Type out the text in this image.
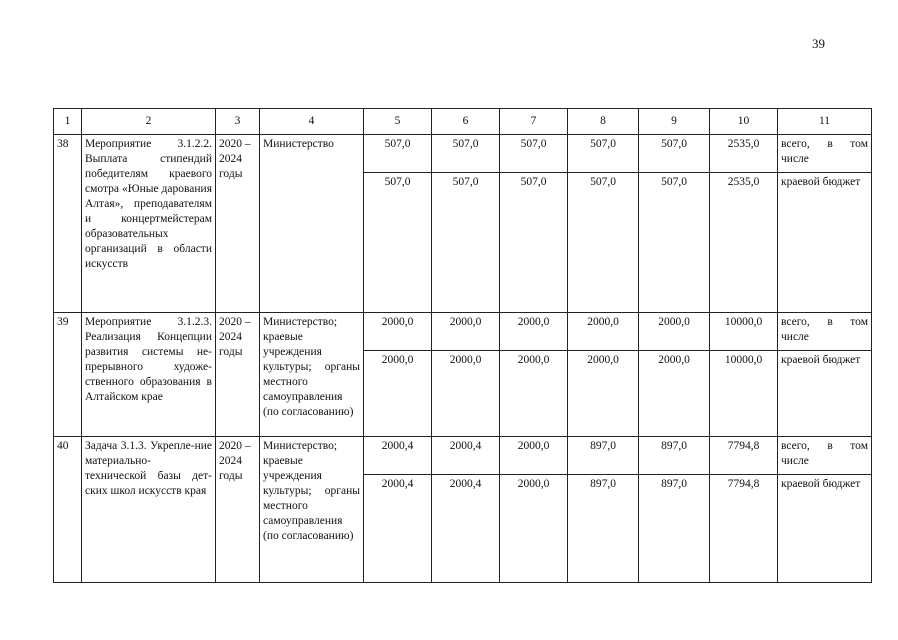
39
1	2	3	4	5	6	7	8	9	10	11
38	Мероприятие 3.1.2.2. Выплата стипендий победителям краевого смотра «Юные дарования Алтая», преподавателям и концертмейстерам образовательных организаций в области искусств	2020 – 2024 годы	Министерство	507,0	507,0	507,0	507,0	507,0	2535,0	всего, в том числе
				507,0	507,0	507,0	507,0	507,0	2535,0	краевой бюджет
39	Мероприятие 3.1.2.3. Реализация Концепции развития системы не-прерывного художе-ственного образования в Алтайском крае	2020 – 2024 годы	Министерство; краевые учреждения культуры; органы местного самоуправления (по согласованию)	2000,0	2000,0	2000,0	2000,0	2000,0	10000,0	всего, в том числе
				2000,0	2000,0	2000,0	2000,0	2000,0	10000,0	краевой бюджет
40	Задача 3.1.3. Укрепле-ние материально-технической базы дет-ских школ искусств края	2020 – 2024 годы	Министерство; краевые учреждения культуры; органы местного самоуправления (по согласованию)	2000,4	2000,4	2000,0	897,0	897,0	7794,8	всего, в том числе
				2000,4	2000,4	2000,0	897,0	897,0	7794,8	краевой бюджет
